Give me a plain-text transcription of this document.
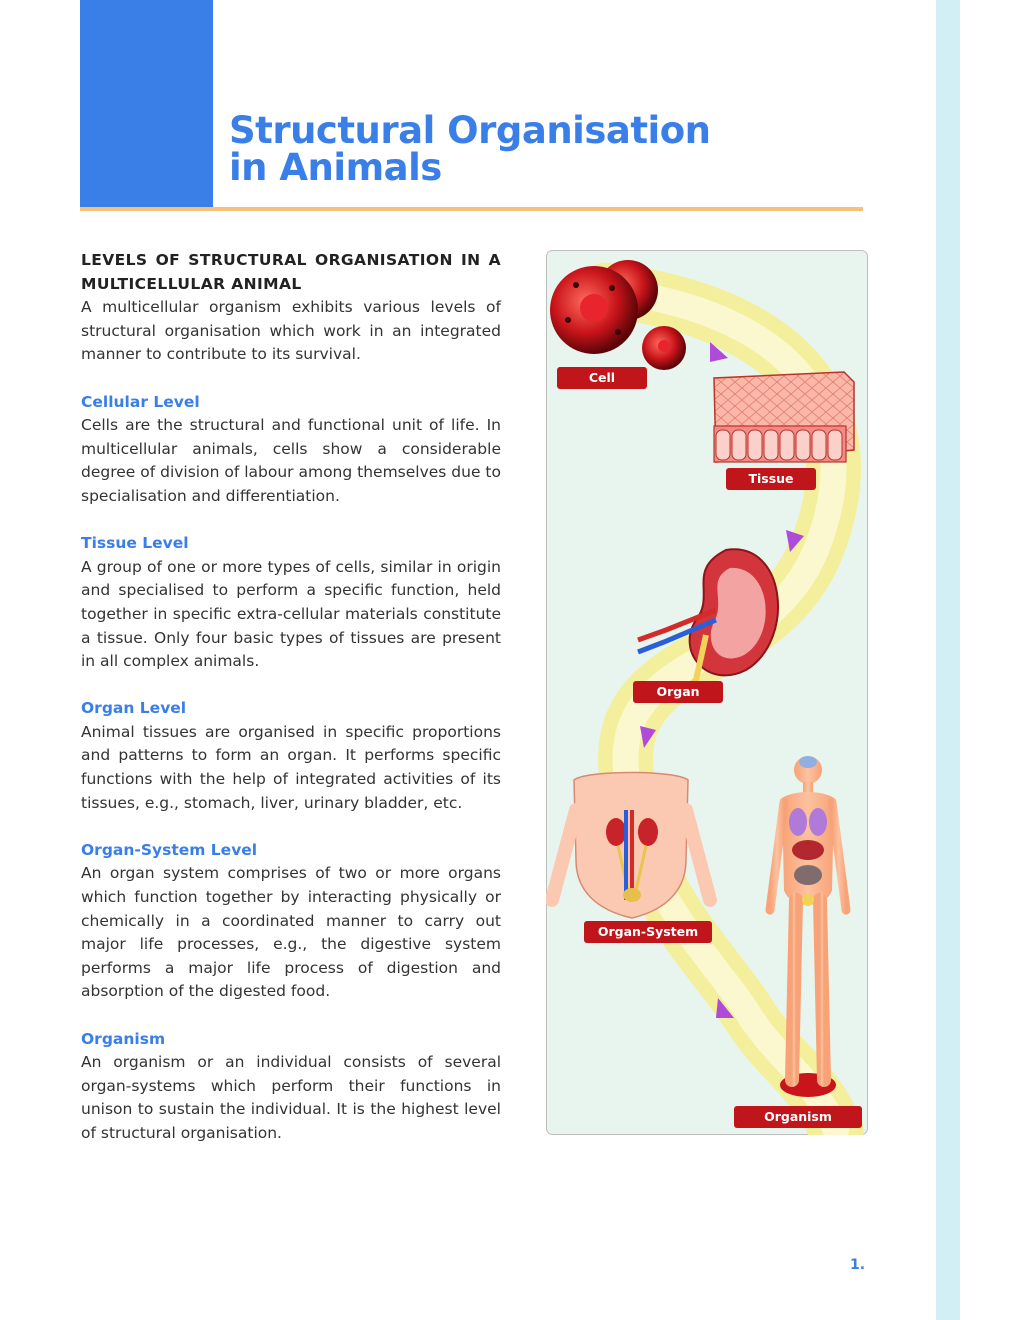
Structural Organisation
in Animals
LEVELS OF STRUCTURAL ORGANISATION IN A MULTICELLULAR ANIMAL

A multicellular organism exhibits various levels of structural organisation which work in an integrated manner to contribute to its survival.

Cellular Level

Cells are the structural and functional unit of life. In multicellular animals, cells show a considerable degree of division of labour among themselves due to specialisation and differentiation.

Tissue Level

A group of one or more types of cells, similar in origin and specialised to perform a specific function, held together in specific extra-cellular materials constitute a tissue. Only four basic types of tissues are present in all complex animals.

Organ Level

Animal tissues are organised in specific proportions and patterns to form an organ. It performs specific functions with the help of integrated activities of its tissues, e.g., stomach, liver, urinary bladder, etc.

Organ-System Level

An organ system comprises of two or more organs which function together by interacting physically or chemically in a coordinated manner to carry out major life processes, e.g., the digestive system performs a major life process of digestion and absorption of the digested food.

Organism

An organism or an individual consists of several organ-systems which perform their functions in unison to sustain the individual. It is the highest level of structural organisation.

Cell
Tissue
Organ
Organ-System
Organism
1.
